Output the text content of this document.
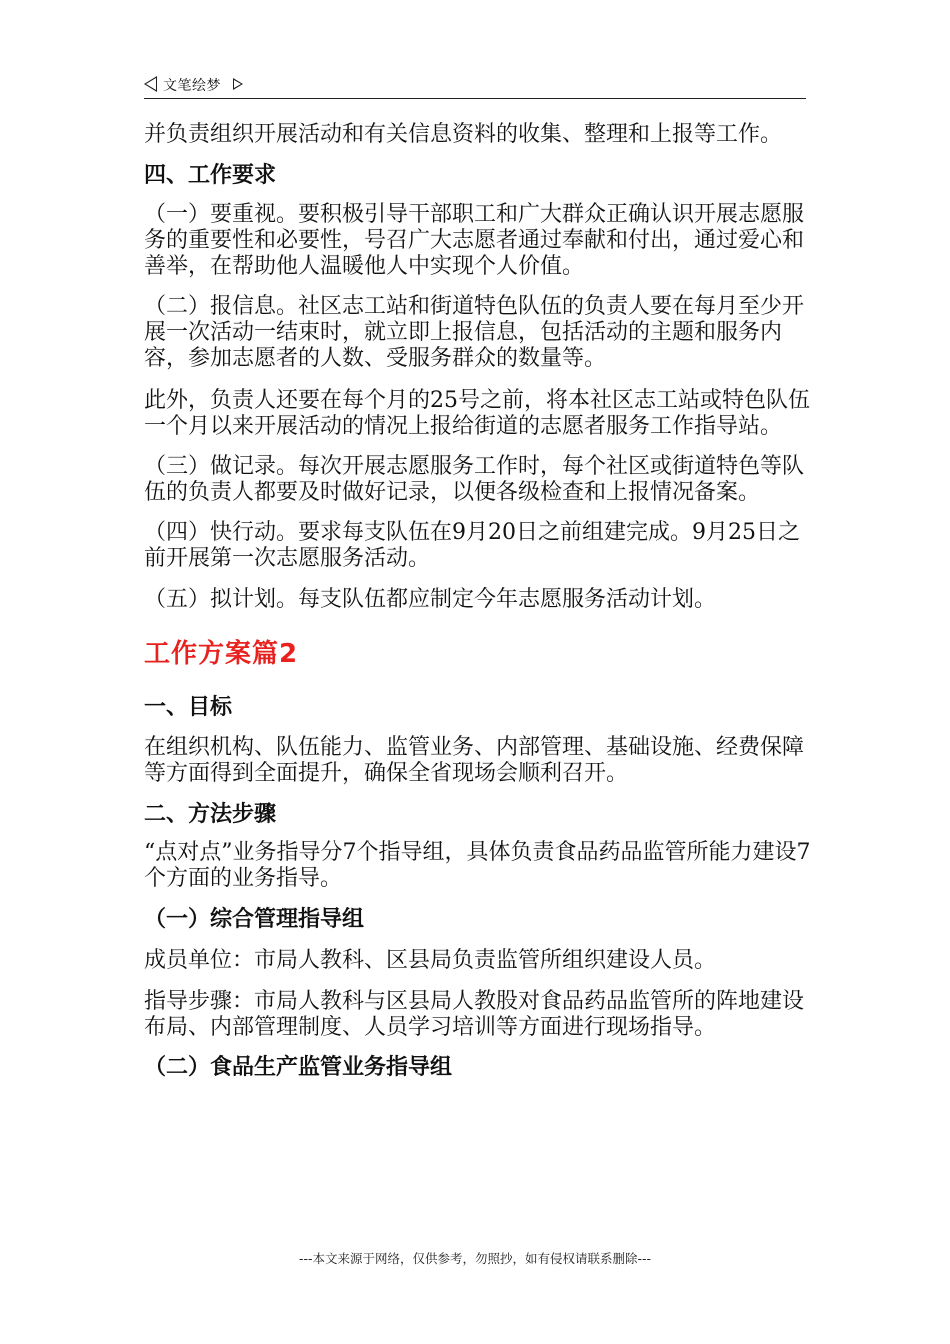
文笔绘梦

并负责组织开展活动和有关信息资料的收集、整理和上报等工作。

四、工作要求

（一）要重视。要积极引导干部职工和广大群众正确认识开展志愿服务的重要性和必要性，号召广大志愿者通过奉献和付出，通过爱心和善举，在帮助他人温暖他人中实现个人价值。

（二）报信息。社区志工站和街道特色队伍的负责人要在每月至少开展一次活动一结束时，就立即上报信息，包括活动的主题和服务内容，参加志愿者的人数、受服务群众的数量等。

此外，负责人还要在每个月的25号之前，将本社区志工站或特色队伍一个月以来开展活动的情况上报给街道的志愿者服务工作指导站。

（三）做记录。每次开展志愿服务工作时，每个社区或街道特色等队伍的负责人都要及时做好记录，以便各级检查和上报情况备案。

（四）快行动。要求每支队伍在9月20日之前组建完成。9月25日之前开展第一次志愿服务活动。

（五）拟计划。每支队伍都应制定今年志愿服务活动计划。

工作方案篇2

一、目标

在组织机构、队伍能力、监管业务、内部管理、基础设施、经费保障等方面得到全面提升，确保全省现场会顺利召开。

二、方法步骤

“点对点”业务指导分7个指导组，具体负责食品药品监管所能力建设7个方面的业务指导。

（一）综合管理指导组

成员单位：市局人教科、区县局负责监管所组织建设人员。

指导步骤：市局人教科与区县局人教股对食品药品监管所的阵地建设布局、内部管理制度、人员学习培训等方面进行现场指导。

（二）食品生产监管业务指导组

---本文来源于网络，仅供参考，勿照抄，如有侵权请联系删除---
